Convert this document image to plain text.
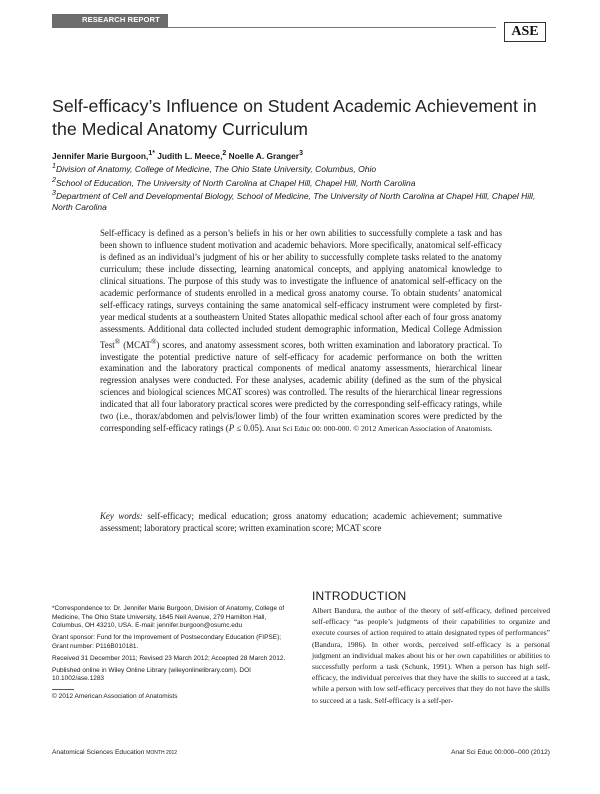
RESEARCH REPORT
ASE
Self-efficacy’s Influence on Student Academic Achievement in the Medical Anatomy Curriculum
Jennifer Marie Burgoon,$^{1*}$ Judith L. Meece,$^2$ Noelle A. Granger$^3$
$^1$Division of Anatomy, College of Medicine, The Ohio State University, Columbus, Ohio
$^2$School of Education, The University of North Carolina at Chapel Hill, Chapel Hill, North Carolina
$^3$Department of Cell and Developmental Biology, School of Medicine, The University of North Carolina at Chapel Hill, Chapel Hill, North Carolina
Self-efficacy is defined as a person’s beliefs in his or her own abilities to successfully complete a task and has been shown to influence student motivation and academic behaviors. More specifically, anatomical self-efficacy is defined as an individual’s judgment of his or her ability to successfully complete tasks related to the anatomy curriculum; these include dissecting, learning anatomical concepts, and applying anatomical knowledge to clinical situations. The purpose of this study was to investigate the influence of anatomical self-efficacy on the academic performance of students enrolled in a medical gross anatomy course. To obtain students’ anatomical self-efficacy ratings, surveys containing the same anatomical self-efficacy instrument were completed by first-year medical students at a southeastern United States allopathic medical school after each of four gross anatomy assessments. Additional data collected included student demographic information, Medical College Admission Test® (MCAT®) scores, and anatomy assessment scores, both written examination and laboratory practical. To investigate the potential predictive nature of self-efficacy for academic performance on both the written examination and the laboratory practical components of medical anatomy assessments, hierarchical linear regression analyses were conducted. For these analyses, academic ability (defined as the sum of the physical sciences and biological sciences MCAT scores) was controlled. The results of the hierarchical linear regressions indicated that all four laboratory practical scores were predicted by the corresponding self-efficacy ratings, while two (i.e., thorax/abdomen and pelvis/lower limb) of the four written examination scores were predicted by the corresponding self-efficacy ratings (P ≤ 0.05). Anat Sci Educ 00: 000-000. © 2012 American Association of Anatomists.
Key words: self-efficacy; medical education; gross anatomy education; academic achievement; summative assessment; laboratory practical score; written examination score; MCAT score

*Correspondence to: Dr. Jennifer Marie Burgoon, Division of Anatomy, College of Medicine, The Ohio State University, 1645 Neil Avenue, 279 Hamilton Hall, Columbus, OH 43210, USA. E-mail: jennifer.burgoon@osumc.edu

Grant sponsor: Fund for the Improvement of Postsecondary Education (FIPSE); Grant number: P116B010181.

Received 31 December 2011; Revised 23 March 2012; Accepted 28 March 2012.

Published online in Wiley Online Library (wileyonlinelibrary.com). DOI 10.1002/ase.1283

© 2012 American Association of Anatomists

INTRODUCTION
Albert Bandura, the author of the theory of self-efficacy, defined perceived self-efficacy “as people’s judgments of their capabilities to organize and execute courses of action required to attain designated types of performances” (Bandura, 1986). In other words, perceived self-efficacy is a personal judgment an individual makes about his or her own capabilities or abilities to successfully perform a task (Schunk, 1991). When a person has high self-efficacy, the individual perceives that they have the skills to succeed at a task, while a person with low self-efficacy perceives that they do not have the skills to succeed at a task. Self-efficacy is a self-per-
Anatomical Sciences Education MONTH 2012	Anat Sci Educ 00:000–000 (2012)
